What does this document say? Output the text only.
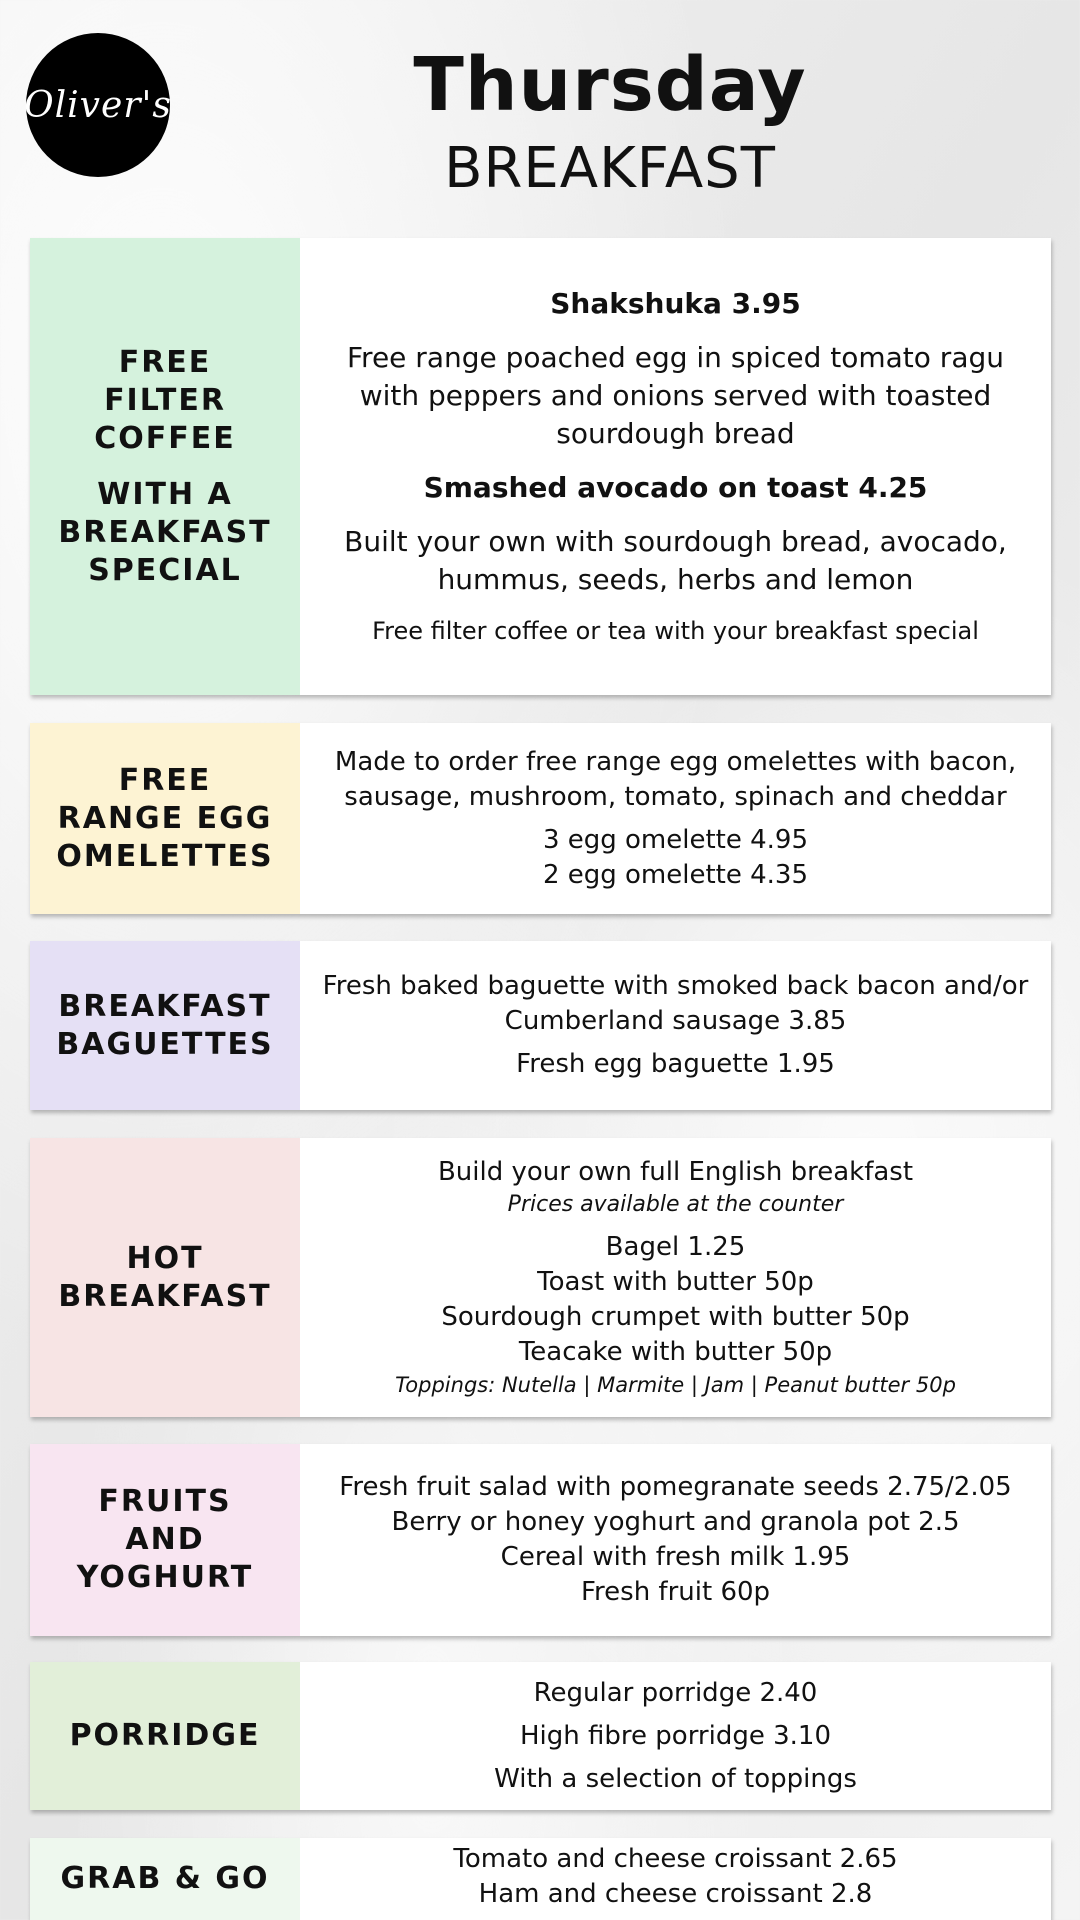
Oliver's	Thursday
BREAKFAST
FREE FILTER COFFEE
WITH A BREAKFAST SPECIAL
Shakshuka 3.95
Free range poached egg in spiced tomato ragu with peppers and onions served with toasted sourdough bread
Smashed avocado on toast 4.25
Built your own with sourdough bread, avocado, hummus, seeds, herbs and lemon
Free filter coffee or tea with your breakfast special
FREE RANGE EGG OMELETTES
Made to order free range egg omelettes with bacon, sausage, mushroom, tomato, spinach and cheddar
3 egg omelette 4.95
2 egg omelette 4.35
BREAKFAST BAGUETTES
Fresh baked baguette with smoked back bacon and/or Cumberland sausage 3.85
Fresh egg baguette 1.95
HOT BREAKFAST
Build your own full English breakfast
Prices available at the counter
Bagel 1.25
Toast with butter 50p
Sourdough crumpet with butter 50p
Teacake with butter 50p
Toppings: Nutella | Marmite | Jam | Peanut butter 50p
FRUITS AND YOGHURT
Fresh fruit salad with pomegranate seeds 2.75/2.05
Berry or honey yoghurt and granola pot 2.5
Cereal with fresh milk 1.95
Fresh fruit 60p
PORRIDGE
Regular porridge 2.40
High fibre porridge 3.10
With a selection of toppings
GRAB & GO
Tomato and cheese croissant 2.65
Ham and cheese croissant 2.8
